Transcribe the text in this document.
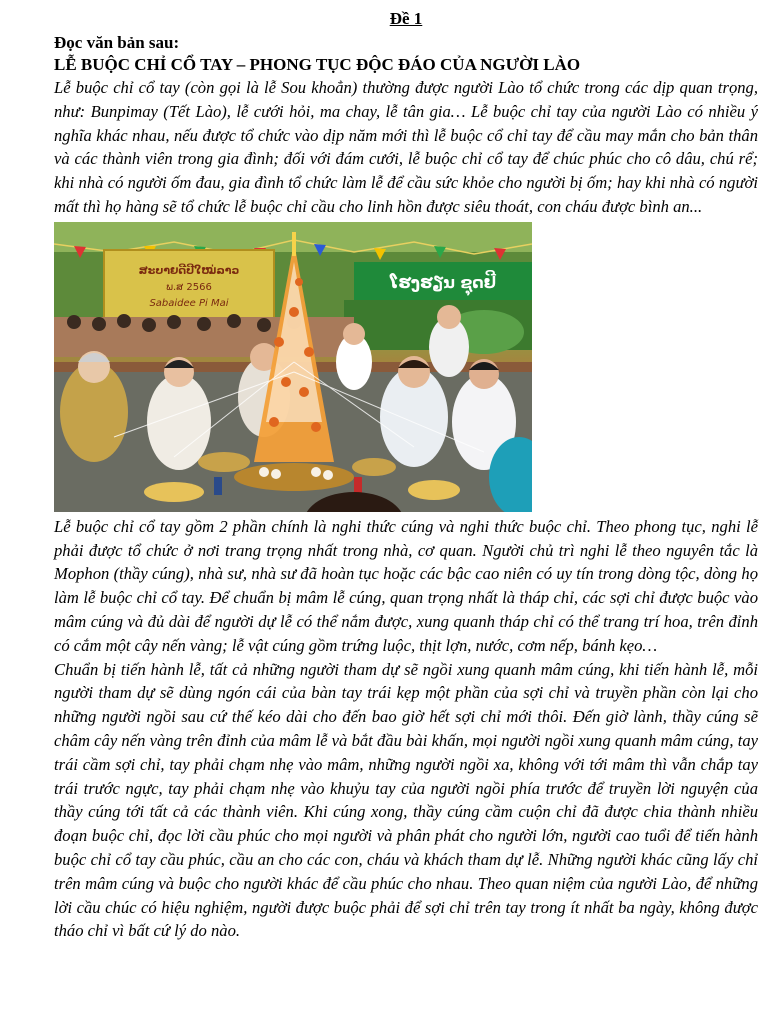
Đề 1
Đọc văn bản sau:
LỄ BUỘC CHỈ CỔ TAY – PHONG TỤC ĐỘC ĐÁO CỦA NGƯỜI LÀO

Lễ buộc chỉ cổ tay (còn gọi là lễ Sou khoẳn) thường được người Lào tổ chức trong các dịp quan trọng, như: Bunpimay (Tết Lào), lễ cưới hỏi, ma chay, lễ tân gia… Lễ buộc chỉ tay của người Lào có nhiều ý nghĩa khác nhau, nếu được tổ chức vào dịp năm mới thì lễ buộc cổ chỉ tay để cầu may mắn cho bản thân và các thành viên trong gia đình; đối với đám cưới, lễ buộc chỉ cổ tay để chúc phúc cho cô dâu, chú rể; khi nhà có người ốm đau, gia đình tổ chức làm lễ để cầu sức khỏe cho người bị ốm; hay khi nhà có người mất thì họ hàng sẽ tổ chức lễ buộc chỉ cầu cho linh hồn được siêu thoát, con cháu được bình an...

ສະບາຍດີປີໃໝ່ລາວ
ພ.ສ 2566
Sabaidee Pi Mai
ໂຮງຮຽນ ຊຸດຢີ

Lễ buộc chỉ cổ tay gồm 2 phần chính là nghi thức cúng và nghi thức buộc chỉ. Theo phong tục, nghi lễ phải được tổ chức ở nơi trang trọng nhất trong nhà, cơ quan. Người chủ trì nghi lễ theo nguyên tắc là Mophon (thầy cúng), nhà sư, nhà sư đã hoàn tục hoặc các bậc cao niên có uy tín trong dòng tộc, dòng họ làm lễ buộc chỉ cổ tay. Để chuẩn bị mâm lễ cúng, quan trọng nhất là tháp chỉ, các sợi chỉ được buộc vào mâm cúng và đủ dài để người dự lễ có thể nắm được, xung quanh tháp chỉ có thể trang trí hoa, trên đỉnh có cắm một cây nến vàng; lễ vật cúng gồm trứng luộc, thịt lợn, nước, cơm nếp, bánh kẹo…

Chuẩn bị tiến hành lễ, tất cả những người tham dự sẽ ngồi xung quanh mâm cúng, khi tiến hành lễ, mỗi người tham dự sẽ dùng ngón cái của bàn tay trái kẹp một phần của sợi chỉ và truyền phần còn lại cho những người ngồi sau cứ thế kéo dài cho đến bao giờ hết sợi chỉ mới thôi. Đến giờ lành, thầy cúng sẽ châm cây nến vàng trên đỉnh của mâm lễ và bắt đầu bài khấn, mọi người ngồi xung quanh mâm cúng, tay trái cầm sợi chỉ, tay phải chạm nhẹ vào mâm, những người ngồi xa, không với tới mâm thì vẫn chắp tay trái trước ngực, tay phải chạm nhẹ vào khuỷu tay của người ngồi phía trước để truyền lời nguyện của thầy cúng tới tất cả các thành viên. Khi cúng xong, thầy cúng cầm cuộn chỉ đã được chia thành nhiều đoạn buộc chỉ, đọc lời cầu phúc cho mọi người và phân phát cho người lớn, người cao tuổi để tiến hành buộc chỉ cổ tay cầu phúc, cầu an cho các con, cháu và khách tham dự lễ. Những người khác cũng lấy chỉ trên mâm cúng và buộc cho người khác để cầu phúc cho nhau. Theo quan niệm của người Lào, để những lời cầu chúc có hiệu nghiệm, người được buộc phải để sợi chỉ trên tay trong ít nhất ba ngày, không được tháo chỉ vì bất cứ lý do nào.
